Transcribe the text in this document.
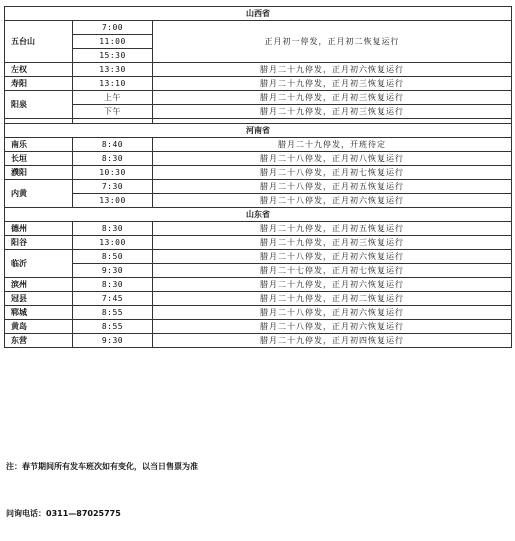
山西省		
五台山	7:00	正月初一停发，正月初二恢复运行
	11:00	
	15:30	
左权	13:30	腊月二十九停发，正月初六恢复运行
寿阳	13:10	腊月二十九停发，正月初三恢复运行
阳泉	上午	腊月二十九停发，正月初三恢复运行
	下午	腊月二十九停发，正月初三恢复运行

河南省		
南乐	8:40	腊月二十九停发，开班待定
长垣	8:30	腊月二十八停发，正月初八恢复运行
濮阳	10:30	腊月二十八停发，正月初七恢复运行
内黄	7:30	腊月二十八停发，正月初五恢复运行
	13:00	腊月二十八停发，正月初六恢复运行
山东省		
德州	8:30	腊月二十九停发，正月初五恢复运行
阳谷	13:00	腊月二十九停发，正月初三恢复运行
临沂	8:50	腊月二十八停发，正月初六恢复运行
	9:30	腊月二十七停发，正月初七恢复运行
滨州	8:30	腊月二十九停发，正月初六恢复运行
冠县	7:45	腊月二十九停发，正月初二恢复运行
郓城	8:55	腊月二十八停发，正月初六恢复运行
黄岛	8:55	腊月二十八停发，正月初六恢复运行
东营	9:30	腊月二十九停发，正月初四恢复运行
注：春节期间所有发车班次如有变化，以当日售票为准
问询电话：0311—87025775
